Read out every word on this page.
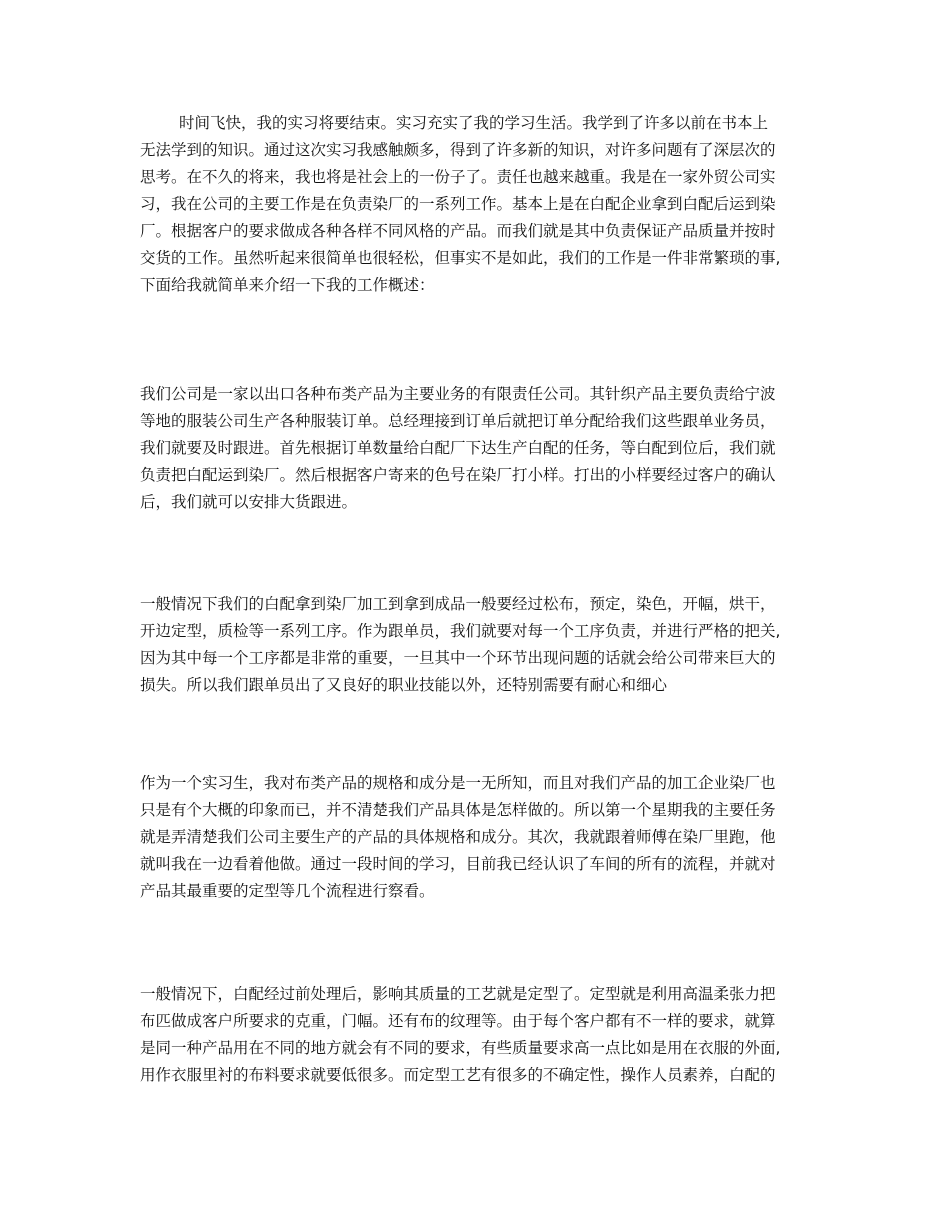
时间飞快，我的实习将要结束。实习充实了我的学习生活。我学到了许多以前在书本上
无法学到的知识。通过这次实习我感触颇多，得到了许多新的知识，对许多问题有了深层次的
思考。在不久的将来，我也将是社会上的一份子了。责任也越来越重。我是在一家外贸公司实
习，我在公司的主要工作是在负责染厂的一系列工作。基本上是在白配企业拿到白配后运到染
厂。根据客户的要求做成各种各样不同风格的产品。而我们就是其中负责保证产品质量并按时
交货的工作。虽然听起来很简单也很轻松，但事实不是如此，我们的工作是一件非常繁琐的事,
下面给我就简单来介绍一下我的工作概述：
我们公司是一家以出口各种布类产品为主要业务的有限责任公司。其针织产品主要负责给宁波
等地的服装公司生产各种服装订单。总经理接到订单后就把订单分配给我们这些跟单业务员，
我们就要及时跟进。首先根据订单数量给白配厂下达生产白配的任务，等白配到位后，我们就
负责把白配运到染厂。然后根据客户寄来的色号在染厂打小样。打出的小样要经过客户的确认
后，我们就可以安排大货跟进。
一般情况下我们的白配拿到染厂加工到拿到成品一般要经过松布，预定，染色，开幅，烘干，
开边定型，质检等一系列工序。作为跟单员，我们就要对每一个工序负责，并进行严格的把关,
因为其中每一个工序都是非常的重要，一旦其中一个环节出现问题的话就会给公司带来巨大的
损失。所以我们跟单员出了又良好的职业技能以外，还特别需要有耐心和细心
作为一个实习生，我对布类产品的规格和成分是一无所知，而且对我们产品的加工企业染厂也
只是有个大概的印象而已，并不清楚我们产品具体是怎样做的。所以第一个星期我的主要任务
就是弄清楚我们公司主要生产的产品的具体规格和成分。其次，我就跟着师傅在染厂里跑，他
就叫我在一边看着他做。通过一段时间的学习，目前我已经认识了车间的所有的流程，并就对
产品其最重要的定型等几个流程进行察看。
一般情况下，白配经过前处理后，影响其质量的工艺就是定型了。定型就是利用高温柔张力把
布匹做成客户所要求的克重，门幅。还有布的纹理等。由于每个客户都有不一样的要求，就算
是同一种产品用在不同的地方就会有不同的要求，有些质量要求高一点比如是用在衣服的外面,
用作衣服里衬的布料要求就要低很多。而定型工艺有很多的不确定性，操作人员素养，白配的
